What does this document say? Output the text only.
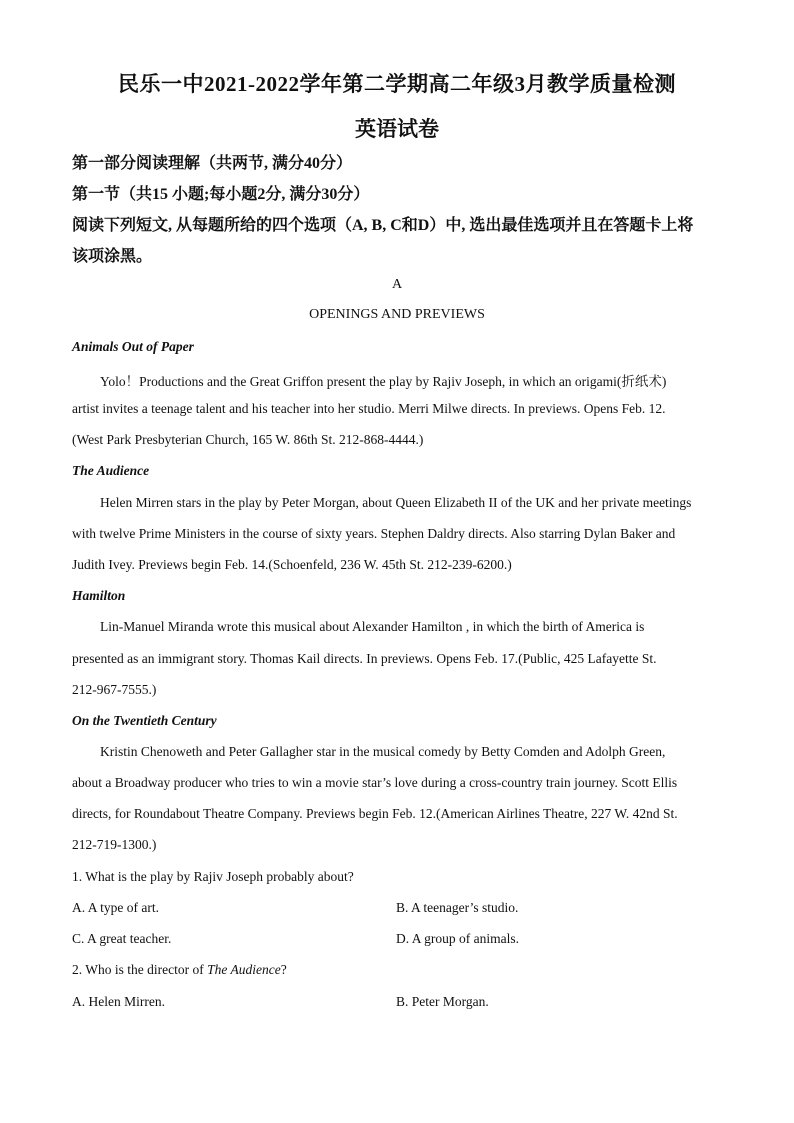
民乐一中2021-2022学年第二学期高二年级3月教学质量检测
英语试卷
第一部分阅读理解（共两节, 满分40分）
第一节（共15 小题;每小题2分, 满分30分）
阅读下列短文, 从每题所给的四个选项（A, B, C和D）中, 选出最佳选项并且在答题卡上将
该项涂黑。
A
OPENINGS AND PREVIEWS
Animals Out of Paper
Yolo！Productions and the Great Griffon present the play by Rajiv Joseph, in which an origami(折纸术)
artist invites a teenage talent and his teacher into her studio. Merri Milwe directs. In previews. Opens Feb. 12.
(West Park Presbyterian Church, 165 W. 86th St. 212-868-4444.)
The Audience
Helen Mirren stars in the play by Peter Morgan, about Queen Elizabeth II of the UK and her private meetings
with twelve Prime Ministers in the course of sixty years. Stephen Daldry directs. Also starring Dylan Baker and
Judith Ivey. Previews begin Feb. 14.(Schoenfeld, 236 W. 45th St. 212-239-6200.)
Hamilton
Lin-Manuel Miranda wrote this musical about Alexander Hamilton , in which the birth of America is
presented as an immigrant story. Thomas Kail directs. In previews. Opens Feb. 17.(Public, 425 Lafayette St.
212-967-7555.)
On the Twentieth Century
Kristin Chenoweth and Peter Gallagher star in the musical comedy by Betty Comden and Adolph Green,
about a Broadway producer who tries to win a movie star’s love during a cross-country train journey. Scott Ellis
directs, for Roundabout Theatre Company. Previews begin Feb. 12.(American Airlines Theatre, 227 W. 42nd St.
212-719-1300.)
1. What is the play by Rajiv Joseph probably about?
A. A type of art.	B. A teenager’s studio.
C. A great teacher.	D. A group of animals.
2. Who is the director of The Audience?
A. Helen Mirren.	B. Peter Morgan.
